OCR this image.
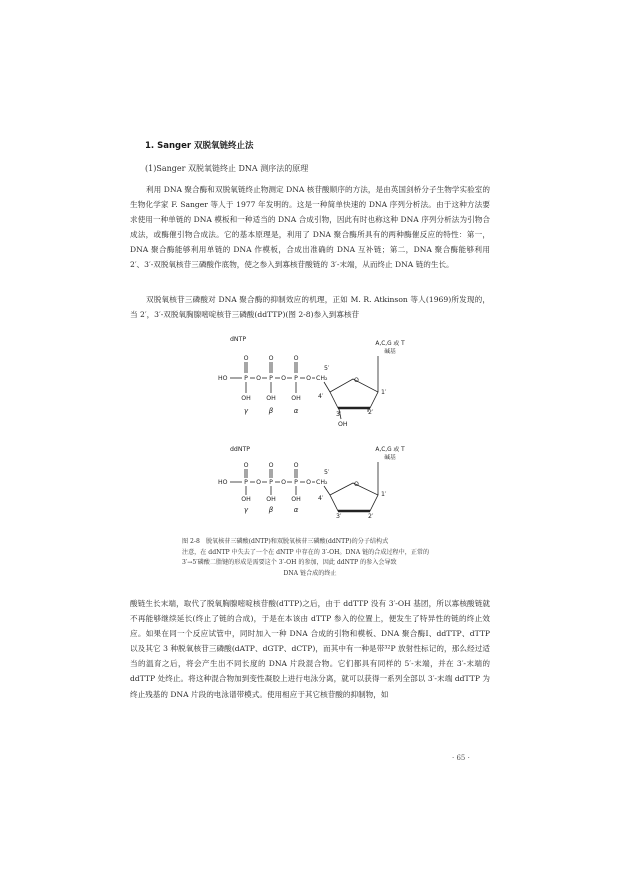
1. Sanger 双脱氧链终止法
(1)Sanger 双脱氧链终止 DNA 测序法的原理

利用 DNA 聚合酶和双脱氧链终止物测定 DNA 核苷酸顺序的方法，是由英国剑桥分子生物学实验室的生物化学家 F. Sanger 等人于 1977 年发明的。这是一种简单快速的 DNA 序列分析法。由于这种方法要求使用一种单链的 DNA 模板和一种适当的 DNA 合成引物，因此有时也称这种 DNA 序列分析法为引物合成法，或酶催引物合成法。它的基本原理是，利用了 DNA 聚合酶所具有的两种酶催反应的特性：第一，DNA 聚合酶能够利用单链的 DNA 作模板，合成出准确的 DNA 互补链；第二，DNA 聚合酶能够利用 2′、3′-双脱氧核苷三磷酸作底物，使之参入到寡核苷酸链的 3′-末端，从而终止 DNA 链的生长。

双脱氧核苷三磷酸对 DNA 聚合酶的抑制效应的机理，正如 M. R. Atkinson 等人(1969)所发现的，当 2′，3′-双脱氧胸腺嘧啶核苷三磷酸(ddTTP)(图 2-8)参入到寡核苷

dNTP
O	O	O
HO	P O P O P O CH₂
OH OH OH
γ	β	α
5′
O
4′
1′
3′	2′
OH
A,C,G 或 T
碱基
ddNTP
O	O	O
HO	P O P O P O CH₂
OH OH OH
γ	β	α
5′
O
4′
1′
3′	2′
A,C,G 或 T
碱基
图 2-8　脱氧核苷三磷酸(dNTP)和双脱氧核苷三磷酸(ddNTP)的分子结构式
注意，在 ddNTP 中失去了一个在 dNTP 中存在的 3′-OH。DNA 链的合成过程中，正常的 3′→5′磷酸二脂键的形成是需要这个 3′-OH 的参加，因此 ddNTP 的参入会导致
DNA 链合成的终止

酸链生长末端，取代了脱氧胸腺嘧啶核苷酸(dTTP)之后，由于 ddTTP 没有 3′-OH 基团，所以寡核酸链就不再能够继续延长(终止了链的合成)，于是在本该由 dTTP 参入的位置上，便发生了特异性的链的终止效应。如果在同一个反应试管中，同时加入一种 DNA 合成的引物和模板、DNA 聚合酶Ⅰ、ddTTP、dTTP 以及其它 3 种脱氧核苷三磷酸(dATP、dGTP、dCTP)，而其中有一种是带³²P 放射性标记的，那么经过适当的温育之后，将会产生出不同长度的 DNA 片段混合物。它们都具有同样的 5′-末端，并在 3′-末端的 ddTTP 处终止。将这种混合物加到变性凝胶上进行电泳分离，就可以获得一系列全部以 3′-末端 ddTTP 为终止残基的 DNA 片段的电泳谱带模式。使用相应于其它核苷酸的抑制物，如

· 65 ·
